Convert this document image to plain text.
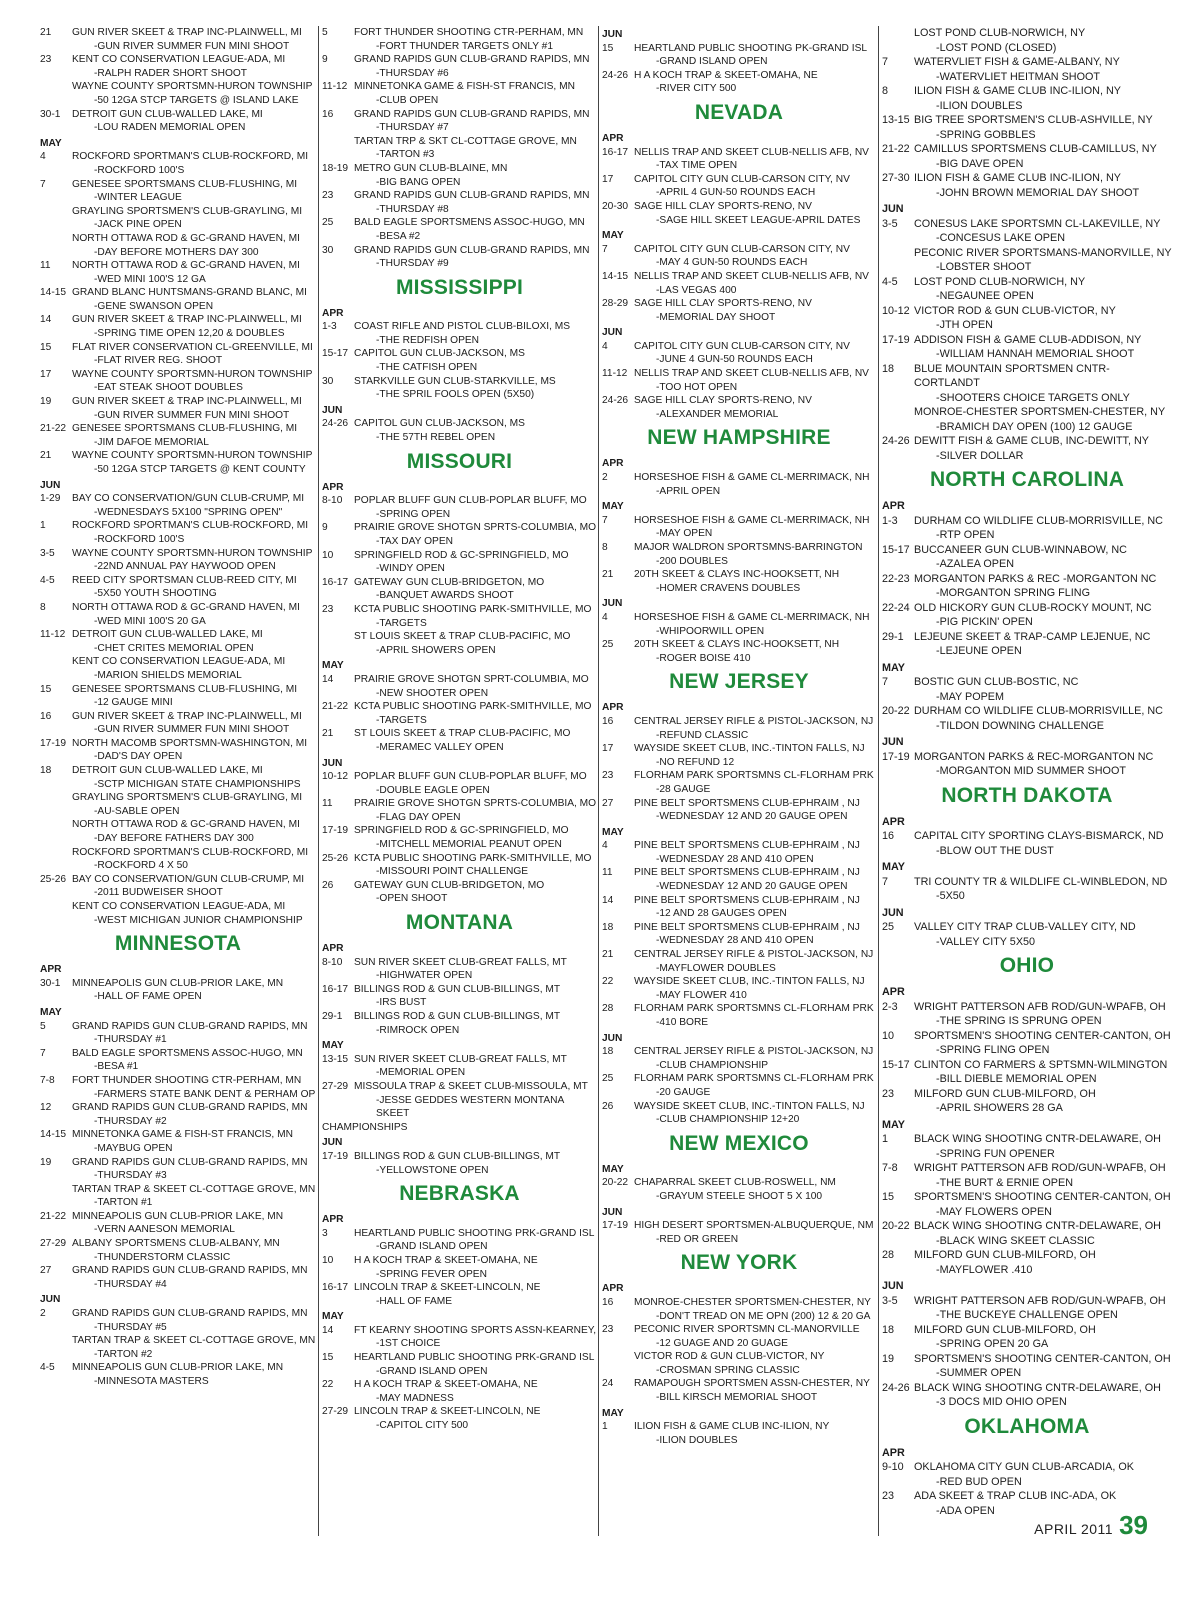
21	GUN RIVER SKEET & TRAP INC-PLAINWELL, MI
-GUN RIVER SUMMER FUN MINI SHOOT
23	KENT CO CONSERVATION LEAGUE-ADA, MI
-RALPH RADER SHORT SHOOT
WAYNE COUNTY SPORTSMN-HURON TOWNSHIP
-50 12GA STCP TARGETS @ ISLAND LAKE
30-1	DETROIT GUN CLUB-WALLED LAKE, MI
-LOU RADEN MEMORIAL OPEN
MAY
4	ROCKFORD SPORTMAN'S CLUB-ROCKFORD, MI
-ROCKFORD 100'S
7	GENESEE SPORTSMANS CLUB-FLUSHING, MI
-WINTER LEAGUE
GRAYLING SPORTSMEN'S CLUB-GRAYLING, MI
-JACK PINE OPEN
NORTH OTTAWA ROD & GC-GRAND HAVEN, MI
-DAY BEFORE MOTHERS DAY 300
11	NORTH OTTAWA ROD & GC-GRAND HAVEN, MI
-WED MINI 100'S 12 GA
14-15 GRAND BLANC HUNTSMANS-GRAND BLANC, MI
-GENE SWANSON OPEN
14	GUN RIVER SKEET & TRAP INC-PLAINWELL, MI
-SPRING TIME OPEN 12,20 & DOUBLES
15	FLAT RIVER CONSERVATION CL-GREENVILLE, MI
-FLAT RIVER REG. SHOOT
17	WAYNE COUNTY SPORTSMN-HURON TOWNSHIP
-EAT STEAK SHOOT DOUBLES
19	GUN RIVER SKEET & TRAP INC-PLAINWELL, MI
-GUN RIVER SUMMER FUN MINI SHOOT
21-22 GENESEE SPORTSMANS CLUB-FLUSHING, MI
-JIM DAFOE MEMORIAL
21	WAYNE COUNTY SPORTSMN-HURON TOWNSHIP
-50 12GA STCP TARGETS @ KENT COUNTY
JUN
1-29	BAY CO CONSERVATION/GUN CLUB-CRUMP, MI
-WEDNESDAYS 5X100 "SPRING OPEN"
1	ROCKFORD SPORTMAN'S CLUB-ROCKFORD, MI
-ROCKFORD 100'S
3-5	WAYNE COUNTY SPORTSMN-HURON TOWNSHIP
-22ND ANNUAL PAY HAYWOOD OPEN
4-5	REED CITY SPORTSMAN CLUB-REED CITY, MI
-5X50 YOUTH SHOOTING
8	NORTH OTTAWA ROD & GC-GRAND HAVEN, MI
-WED MINI 100'S 20 GA
11-12 DETROIT GUN CLUB-WALLED LAKE, MI
-CHET CRITES MEMORIAL OPEN
KENT CO CONSERVATION LEAGUE-ADA, MI
-MARION SHIELDS MEMORIAL
15	GENESEE SPORTSMANS CLUB-FLUSHING, MI
-12 GAUGE MINI
16	GUN RIVER SKEET & TRAP INC-PLAINWELL, MI
-GUN RIVER SUMMER FUN MINI SHOOT
17-19 NORTH MACOMB SPORTSMN-WASHINGTON, MI
-DAD'S DAY OPEN
18	DETROIT GUN CLUB-WALLED LAKE, MI
-SCTP MICHIGAN STATE CHAMPIONSHIPS
GRAYLING SPORTSMEN'S CLUB-GRAYLING, MI
-AU-SABLE OPEN
NORTH OTTAWA ROD & GC-GRAND HAVEN, MI
-DAY BEFORE FATHERS DAY 300
ROCKFORD SPORTMAN'S CLUB-ROCKFORD, MI
-ROCKFORD 4 X 50
25-26 BAY CO CONSERVATION/GUN CLUB-CRUMP, MI
-2011 BUDWEISER SHOOT
KENT CO CONSERVATION LEAGUE-ADA, MI
-WEST MICHIGAN JUNIOR CHAMPIONSHIP
MINNESOTA
APR
30-1	MINNEAPOLIS GUN CLUB-PRIOR LAKE, MN
-HALL OF FAME OPEN
MAY
5	GRAND RAPIDS GUN CLUB-GRAND RAPIDS, MN
-THURSDAY #1
7	BALD EAGLE SPORTSMENS ASSOC-HUGO, MN
-BESA #1
7-8	FORT THUNDER SHOOTING CTR-PERHAM, MN
-FARMERS STATE BANK DENT & PERHAM OP
12	GRAND RAPIDS GUN CLUB-GRAND RAPIDS, MN
-THURSDAY #2
14-15 MINNETONKA GAME & FISH-ST FRANCIS, MN
-MAYBUG OPEN
19	GRAND RAPIDS GUN CLUB-GRAND RAPIDS, MN
-THURSDAY #3
TARTAN TRAP & SKEET CL-COTTAGE GROVE, MN
-TARTON #1
21-22 MINNEAPOLIS GUN CLUB-PRIOR LAKE, MN
-VERN AANESON MEMORIAL
27-29 ALBANY SPORTSMENS CLUB-ALBANY, MN
-THUNDERSTORM CLASSIC
27	GRAND RAPIDS GUN CLUB-GRAND RAPIDS, MN
-THURSDAY #4
JUN
2	GRAND RAPIDS GUN CLUB-GRAND RAPIDS, MN
-THURSDAY #5
TARTAN TRAP & SKEET CL-COTTAGE GROVE, MN
-TARTON #2
4-5	MINNEAPOLIS GUN CLUB-PRIOR LAKE, MN
-MINNESOTA MASTERS
5	FORT THUNDER SHOOTING CTR-PERHAM, MN
-FORT THUNDER TARGETS ONLY #1
9	GRAND RAPIDS GUN CLUB-GRAND RAPIDS, MN
-THURSDAY #6
11-12 MINNETONKA GAME & FISH-ST FRANCIS, MN
-CLUB OPEN
16	GRAND RAPIDS GUN CLUB-GRAND RAPIDS, MN
-THURSDAY #7
TARTAN TRP & SKT CL-COTTAGE GROVE, MN
-TARTON #3
18-19 METRO GUN CLUB-BLAINE, MN
-BIG BANG OPEN
23	GRAND RAPIDS GUN CLUB-GRAND RAPIDS, MN
-THURSDAY #8
25	BALD EAGLE SPORTSMENS ASSOC-HUGO, MN
-BESA #2
30	GRAND RAPIDS GUN CLUB-GRAND RAPIDS, MN
-THURSDAY #9
MISSISSIPPI
APR
1-3	COAST RIFLE AND PISTOL CLUB-BILOXI, MS
-THE REDFISH OPEN
15-17 CAPITOL GUN CLUB-JACKSON, MS
-THE CATFISH OPEN
30	STARKVILLE GUN CLUB-STARKVILLE, MS
-THE SPRIL FOOLS OPEN (5X50)
JUN
24-26 CAPITOL GUN CLUB-JACKSON, MS
-THE 57TH REBEL OPEN
MISSOURI
APR
8-10	POPLAR BLUFF GUN CLUB-POPLAR BLUFF, MO
-SPRING OPEN
9	PRAIRIE GROVE SHOTGN SPRTS-COLUMBIA, MO
-TAX DAY OPEN
10	SPRINGFIELD ROD & GC-SPRINGFIELD, MO
-WINDY OPEN
16-17 GATEWAY GUN CLUB-BRIDGETON, MO
-BANQUET AWARDS SHOOT
23	KCTA PUBLIC SHOOTING PARK-SMITHVILLE, MO
-TARGETS
ST LOUIS SKEET & TRAP CLUB-PACIFIC, MO
-APRIL SHOWERS OPEN
MAY
14	PRAIRIE GROVE SHOTGN SPRT-COLUMBIA, MO
-NEW SHOOTER OPEN
21-22 KCTA PUBLIC SHOOTING PARK-SMITHVILLE, MO
-TARGETS
21	ST LOUIS SKEET & TRAP CLUB-PACIFIC, MO
-MERAMEC VALLEY OPEN
JUN
10-12 POPLAR BLUFF GUN CLUB-POPLAR BLUFF, MO
-DOUBLE EAGLE OPEN
11	PRAIRIE GROVE SHOTGN SPRTS-COLUMBIA, MO
-FLAG DAY OPEN
17-19 SPRINGFIELD ROD & GC-SPRINGFIELD, MO
-MITCHELL MEMORIAL PEANUT OPEN
25-26 KCTA PUBLIC SHOOTING PARK-SMITHVILLE, MO
-MISSOURI POINT CHALLENGE
26	GATEWAY GUN CLUB-BRIDGETON, MO
-OPEN SHOOT
MONTANA
APR
8-10	SUN RIVER SKEET CLUB-GREAT FALLS, MT
-HIGHWATER OPEN
16-17 BILLINGS ROD & GUN CLUB-BILLINGS, MT
-IRS BUST
29-1	BILLINGS ROD & GUN CLUB-BILLINGS, MT
-RIMROCK OPEN
MAY
13-15 SUN RIVER SKEET CLUB-GREAT FALLS, MT
-MEMORIAL OPEN
27-29 MISSOULA TRAP & SKEET CLUB-MISSOULA, MT
-JESSE GEDDES WESTERN MONTANA SKEET
CHAMPIONSHIPS
JUN
17-19 BILLINGS ROD & GUN CLUB-BILLINGS, MT
-YELLOWSTONE OPEN
NEBRASKA
APR
3	HEARTLAND PUBLIC SHOOTING PRK-GRAND ISL
-GRAND ISLAND OPEN
10	H A KOCH TRAP & SKEET-OMAHA, NE
-SPRING FEVER OPEN
16-17 LINCOLN TRAP & SKEET-LINCOLN, NE
-HALL OF FAME
MAY
14	FT KEARNY SHOOTING SPORTS ASSN-KEARNEY,
-1ST CHOICE
15	HEARTLAND PUBLIC SHOOTING PRK-GRAND ISL
-GRAND ISLAND OPEN
22	H A KOCH TRAP & SKEET-OMAHA, NE
-MAY MADNESS
27-29 LINCOLN TRAP & SKEET-LINCOLN, NE
-CAPITOL CITY 500
JUN
15	HEARTLAND PUBLIC SHOOTING PK-GRAND ISL
-GRAND ISLAND OPEN
24-26 H A KOCH TRAP & SKEET-OMAHA, NE
-RIVER CITY 500
NEVADA
APR
16-17 NELLIS TRAP AND SKEET CLUB-NELLIS AFB, NV
-TAX TIME OPEN
17	CAPITOL CITY GUN CLUB-CARSON CITY, NV
-APRIL 4 GUN-50 ROUNDS EACH
20-30 SAGE HILL CLAY SPORTS-RENO, NV
-SAGE HILL SKEET LEAGUE-APRIL DATES
MAY
7	CAPITOL CITY GUN CLUB-CARSON CITY, NV
-MAY 4 GUN-50 ROUNDS EACH
14-15 NELLIS TRAP AND SKEET CLUB-NELLIS AFB, NV
-LAS VEGAS 400
28-29 SAGE HILL CLAY SPORTS-RENO, NV
-MEMORIAL DAY SHOOT
JUN
4	CAPITOL CITY GUN CLUB-CARSON CITY, NV
-JUNE 4 GUN-50 ROUNDS EACH
11-12 NELLIS TRAP AND SKEET CLUB-NELLIS AFB, NV
-TOO HOT OPEN
24-26 SAGE HILL CLAY SPORTS-RENO, NV
-ALEXANDER MEMORIAL
NEW HAMPSHIRE
APR
2	HORSESHOE FISH & GAME CL-MERRIMACK, NH
-APRIL OPEN
MAY
7	HORSESHOE FISH & GAME CL-MERRIMACK, NH
-MAY OPEN
8	MAJOR WALDRON SPORTSMNS-BARRINGTON
-200 DOUBLES
21	20TH SKEET & CLAYS INC-HOOKSETT, NH
-HOMER CRAVENS DOUBLES
JUN
4	HORSESHOE FISH & GAME CL-MERRIMACK, NH
-WHIPOORWILL OPEN
25	20TH SKEET & CLAYS INC-HOOKSETT, NH
-ROGER BOISE 410
NEW JERSEY
APR
16	CENTRAL JERSEY RIFLE & PISTOL-JACKSON, NJ
-REFUND CLASSIC
17	WAYSIDE SKEET CLUB, INC.-TINTON FALLS, NJ
-NO REFUND 12
23	FLORHAM PARK SPORTSMNS CL-FLORHAM PRK
-28 GAUGE
27	PINE BELT SPORTSMENS CLUB-EPHRAIM , NJ
-WEDNESDAY 12 AND 20 GAUGE OPEN
MAY
4	PINE BELT SPORTSMENS CLUB-EPHRAIM , NJ
-WEDNESDAY 28 AND 410 OPEN
11	PINE BELT SPORTSMENS CLUB-EPHRAIM , NJ
-WEDNESDAY 12 AND 20 GAUGE OPEN
14	PINE BELT SPORTSMENS CLUB-EPHRAIM , NJ
-12 AND 28 GAUGES OPEN
18	PINE BELT SPORTSMENS CLUB-EPHRAIM , NJ
-WEDNESDAY 28 AND 410 OPEN
21	CENTRAL JERSEY RIFLE & PISTOL-JACKSON, NJ
-MAYFLOWER DOUBLES
22	WAYSIDE SKEET CLUB, INC.-TINTON FALLS, NJ
-MAY FLOWER 410
28	FLORHAM PARK SPORTSMNS CL-FLORHAM PRK
-410 BORE
JUN
18	CENTRAL JERSEY RIFLE & PISTOL-JACKSON, NJ
-CLUB CHAMPIONSHIP
25	FLORHAM PARK SPORTSMNS CL-FLORHAM PRK
-20 GAUGE
26	WAYSIDE SKEET CLUB, INC.-TINTON FALLS, NJ
-CLUB CHAMPIONSHIP 12+20
NEW MEXICO
MAY
20-22 CHAPARRAL SKEET CLUB-ROSWELL, NM
-GRAYUM STEELE SHOOT 5 X 100
JUN
17-19 HIGH DESERT SPORTSMEN-ALBUQUERQUE, NM
-RED OR GREEN
NEW YORK
APR
16	MONROE-CHESTER SPORTSMEN-CHESTER, NY
-DON'T TREAD ON ME OPN (200) 12 & 20 GA
23	PECONIC RIVER SPORTSMN CL-MANORVILLE
-12 GUAGE AND 20 GUAGE
VICTOR ROD & GUN CLUB-VICTOR, NY
-CROSMAN SPRING CLASSIC
24	RAMAPOUGH SPORTSMEN ASSN-CHESTER, NY
-BILL KIRSCH MEMORIAL SHOOT
MAY
1	ILION FISH & GAME CLUB INC-ILION, NY
-ILION DOUBLES
LOST POND CLUB-NORWICH, NY
-LOST POND (CLOSED)
7	WATERVLIET FISH & GAME-ALBANY, NY
-WATERVLIET HEITMAN SHOOT
8	ILION FISH & GAME CLUB INC-ILION, NY
-ILION DOUBLES
13-15 BIG TREE SPORTSMEN'S CLUB-ASHVILLE, NY
-SPRING GOBBLES
21-22 CAMILLUS SPORTSMENS CLUB-CAMILLUS, NY
-BIG DAVE OPEN
27-30 ILION FISH & GAME CLUB INC-ILION, NY
-JOHN BROWN MEMORIAL DAY SHOOT
JUN
3-5	CONESUS LAKE SPORTSMN CL-LAKEVILLE, NY
-CONCESUS LAKE OPEN
PECONIC RIVER SPORTSMANS-MANORVILLE, NY
-LOBSTER SHOOT
4-5	LOST POND CLUB-NORWICH, NY
-NEGAUNEE OPEN
10-12 VICTOR ROD & GUN CLUB-VICTOR, NY
-JTH OPEN
17-19 ADDISON FISH & GAME CLUB-ADDISON, NY
-WILLIAM HANNAH MEMORIAL SHOOT
18	BLUE MOUNTAIN SPORTSMEN CNTR-CORTLANDT
-SHOOTERS CHOICE TARGETS ONLY
MONROE-CHESTER SPORTSMEN-CHESTER, NY
-BRAMICH DAY OPEN (100) 12 GAUGE
24-26 DEWITT FISH & GAME CLUB, INC-DEWITT, NY
-SILVER DOLLAR
NORTH CAROLINA
APR
1-3	DURHAM CO WILDLIFE CLUB-MORRISVILLE, NC
-RTP OPEN
15-17 BUCCANEER GUN CLUB-WINNABOW, NC
-AZALEA OPEN
22-23 MORGANTON PARKS & REC -MORGANTON NC
-MORGANTON SPRING FLING
22-24 OLD HICKORY GUN CLUB-ROCKY MOUNT, NC
-PIG PICKIN' OPEN
29-1 LEJEUNE SKEET & TRAP-CAMP LEJENUE, NC
-LEJEUNE OPEN
MAY
7	BOSTIC GUN CLUB-BOSTIC, NC
-MAY POPEM
20-22 DURHAM CO WILDLIFE CLUB-MORRISVILLE, NC
-TILDON DOWNING CHALLENGE
JUN
17-19 MORGANTON PARKS & REC-MORGANTON NC
-MORGANTON MID SUMMER SHOOT
NORTH DAKOTA
APR
16	CAPITAL CITY SPORTING CLAYS-BISMARCK, ND
-BLOW OUT THE DUST
MAY
7	TRI COUNTY TR & WILDLIFE CL-WINBLEDON, ND
-5X50
JUN
25	VALLEY CITY TRAP CLUB-VALLEY CITY, ND
-VALLEY CITY 5X50
OHIO
APR
2-3	WRIGHT PATTERSON AFB ROD/GUN-WPAFB, OH
-THE SPRING IS SPRUNG OPEN
10	SPORTSMEN'S SHOOTING CENTER-CANTON, OH
-SPRING FLING OPEN
15-17 CLINTON CO FARMERS & SPTSMN-WILMINGTON
-BILL DIEBLE MEMORIAL OPEN
23	MILFORD GUN CLUB-MILFORD, OH
-APRIL SHOWERS 28 GA
MAY
1	BLACK WING SHOOTING CNTR-DELAWARE, OH
-SPRING FUN OPENER
7-8	WRIGHT PATTERSON AFB ROD/GUN-WPAFB, OH
-THE BURT & ERNIE OPEN
15	SPORTSMEN'S SHOOTING CENTER-CANTON, OH
-MAY FLOWERS OPEN
20-22 BLACK WING SHOOTING CNTR-DELAWARE, OH
-BLACK WING SKEET CLASSIC
28	MILFORD GUN CLUB-MILFORD, OH
-MAYFLOWER .410
JUN
3-5	WRIGHT PATTERSON AFB ROD/GUN-WPAFB, OH
-THE BUCKEYE CHALLENGE OPEN
18	MILFORD GUN CLUB-MILFORD, OH
-SPRING OPEN 20 GA
19	SPORTSMEN'S SHOOTING CENTER-CANTON, OH
-SUMMER OPEN
24-26 BLACK WING SHOOTING CNTR-DELAWARE, OH
-3 DOCS MID OHIO OPEN
OKLAHOMA
APR
9-10 OKLAHOMA CITY GUN CLUB-ARCADIA, OK
-RED BUD OPEN
23	ADA SKEET & TRAP CLUB INC-ADA, OK
-ADA OPEN
APRIL 2011 39
